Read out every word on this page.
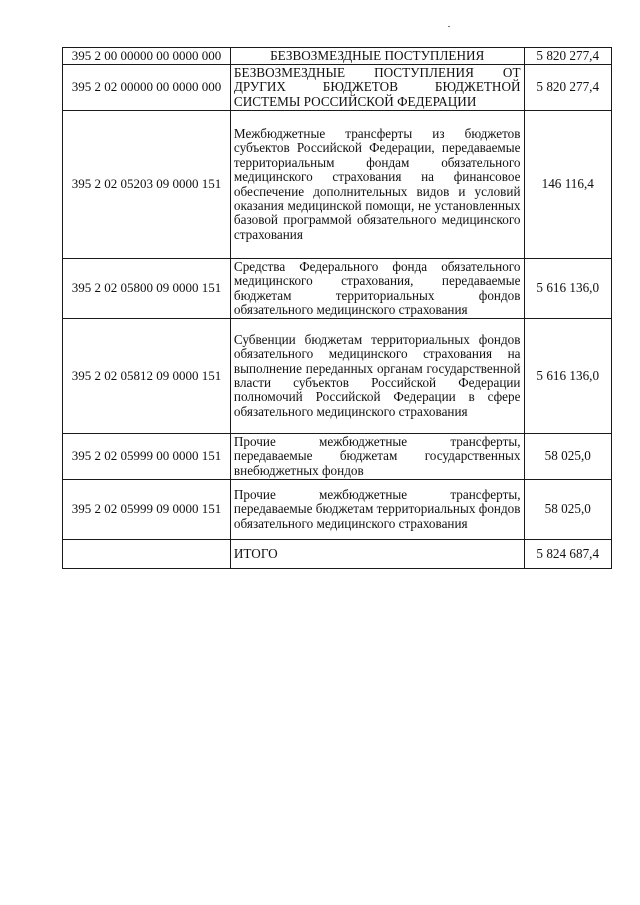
395 2 00 00000 00 0000 000	БЕЗВОЗМЕЗДНЫЕ ПОСТУПЛЕНИЯ	5 820 277,4
395 2 02 00000 00 0000 000	БЕЗВОЗМЕЗДНЫЕ ПОСТУПЛЕНИЯ ОТ ДРУГИХ БЮДЖЕТОВ БЮДЖЕТНОЙ СИСТЕМЫ РОССИЙСКОЙ ФЕДЕРАЦИИ	5 820 277,4
395 2 02 05203 09 0000 151	Межбюджетные трансферты из бюджетов субъектов Российской Федерации, передаваемые территориальным фондам обязательного медицинского страхования на финансовое обеспечение дополнительных видов и условий оказания медицинской помощи, не установленных базовой программой обязательного медицинского страхования	146 116,4
395 2 02 05800 09 0000 151	Средства Федерального фонда обязательного медицинского страхования, передаваемые бюджетам территориальных фондов обязательного медицинского страхования	5 616 136,0
395 2 02 05812 09 0000 151	Субвенции бюджетам территориальных фондов обязательного медицинского страхования на выполнение переданных органам государственной власти субъектов Российской Федерации полномочий Российской Федерации в сфере обязательного медицинского страхования	5 616 136,0
395 2 02 05999 00 0000 151	Прочие межбюджетные трансферты, передаваемые бюджетам государственных внебюджетных фондов	58 025,0
395 2 02 05999 09 0000 151	Прочие межбюджетные трансферты, передаваемые бюджетам территориальных фондов обязательного медицинского страхования	58 025,0
	ИТОГО	5 824 687,4
